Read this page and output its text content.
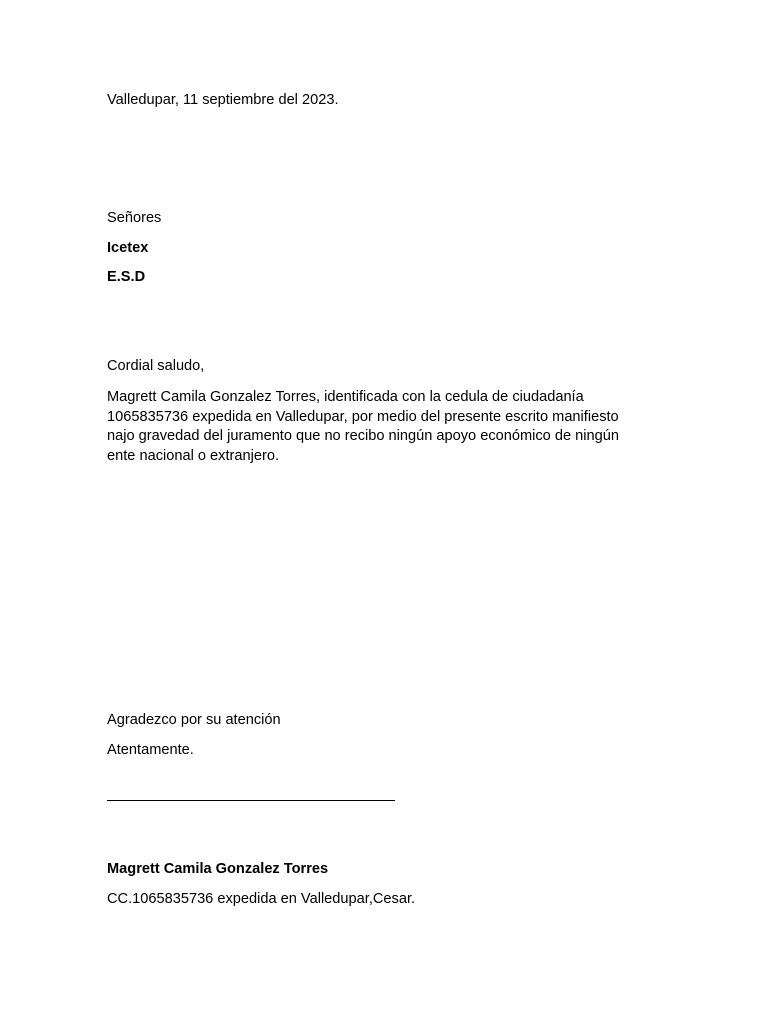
Valledupar, 11 septiembre del 2023.

Señores

Icetex

E.S.D

Cordial saludo,

Magrett Camila Gonzalez Torres, identificada con la cedula de ciudadanía
1065835736 expedida en Valledupar, por medio del presente escrito manifiesto
najo gravedad del juramento que no recibo ningún apoyo económico de ningún
ente nacional o extranjero.

Agradezco por su atención

Atentamente.

Magrett Camila Gonzalez Torres

CC.1065835736 expedida en Valledupar,Cesar.
